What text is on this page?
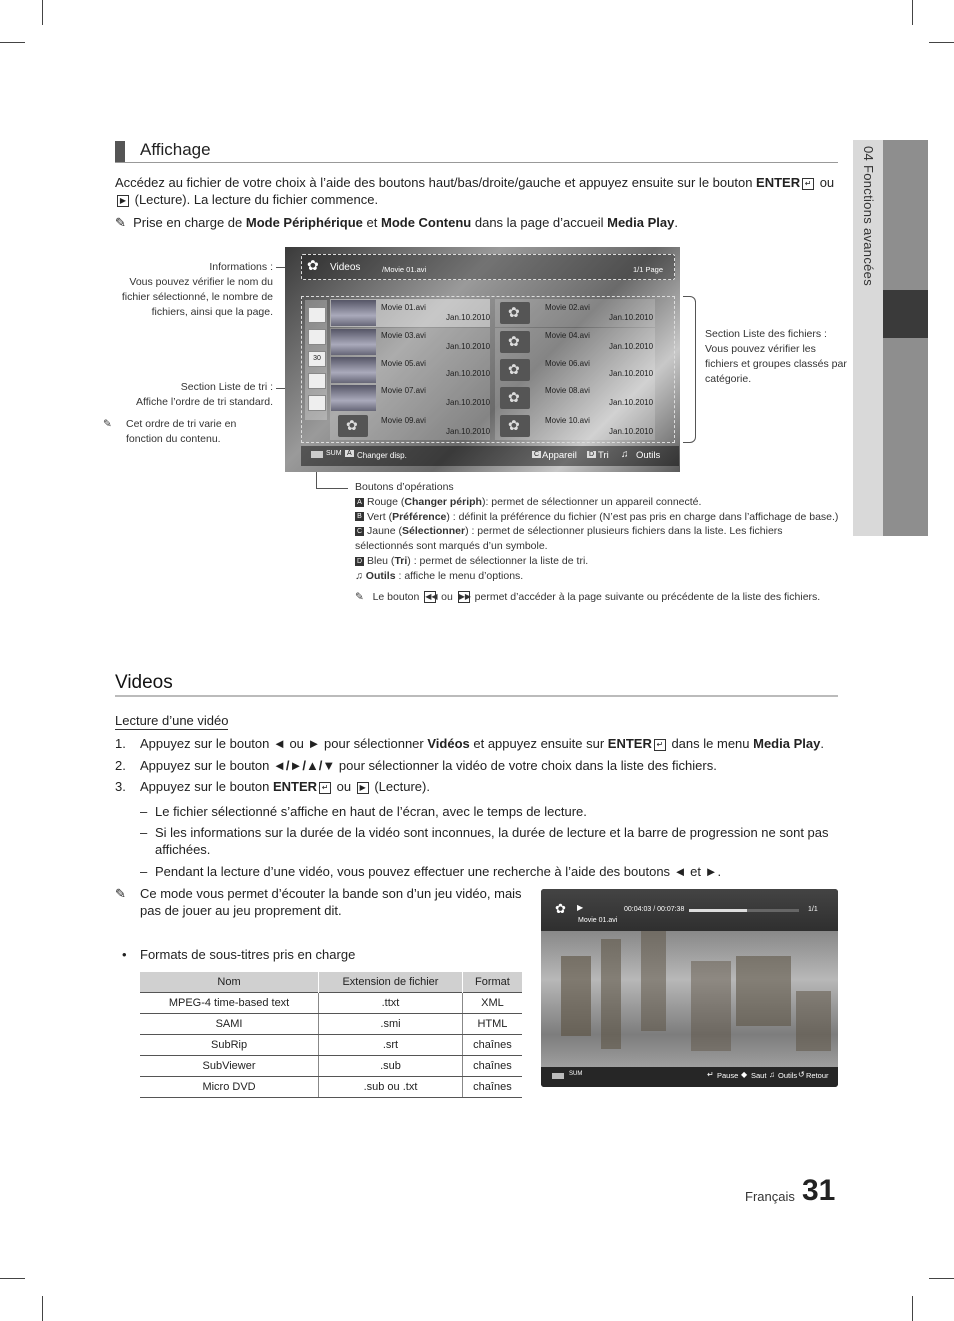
04 Fonctions avancées
Affichage
Accédez au fichier de votre choix à l’aide des boutons haut/bas/droite/gauche et appuyez ensuite sur le bouton ENTER ↵ ou
▶ (Lecture). La lecture du fichier commence.
✎ Prise en charge de Mode Périphérique et Mode Contenu dans la page d’accueil Media Play.
Informations :
Vous pouvez vérifier le nom du fichier sélectionné, le nombre de fichiers, ainsi que la page.
Section Liste de tri :
Affiche l’ordre de tri standard.
✎ Cet ordre de tri varie en fonction du contenu.
Section Liste des fichiers :
Vous pouvez vérifier les fichiers et groupes classés par catégorie.
✿ Videos	/Movie 01.avi	1/1 Page
30
Movie 01.avi
Jan.10.2010
Movie 03.avi
Jan.10.2010
Movie 05.avi
Jan.10.2010
Movie 07.avi
Jan.10.2010
✿
Movie 09.avi
Jan.10.2010
✿
Movie 02.avi
Jan.10.2010
✿
Movie 04.avi
Jan.10.2010
✿
Movie 06.avi
Jan.10.2010
✿
Movie 08.avi
Jan.10.2010
✿
Movie 10.avi
Jan.10.2010
SUM A Changer disp.	C Appareil D Tri ♫ Outils
Boutons d’opérations
A Rouge (Changer périph): permet de sélectionner un appareil connecté.
B Vert (Préférence) : définit la préférence du fichier (N’est pas pris en charge dans l’affichage de base.)
C Jaune (Sélectionner) : permet de sélectionner plusieurs fichiers dans la liste. Les fichiers
sélectionnés sont marqués d’un symbole.
D Bleu (Tri) : permet de sélectionner la liste de tri.
♫ Outils : affiche le menu d’options.
✎ Le bouton ◀◀ ou ▶▶ permet d’accéder à la page suivante ou précédente de la liste des fichiers.
Videos
Lecture d’une vidéo
1. Appuyez sur le bouton ◄ ou ► pour sélectionner Vidéos et appuyez ensuite sur ENTER ↵ dans le menu Media Play.
2. Appuyez sur le bouton ◄/►/▲/▼ pour sélectionner la vidéo de votre choix dans la liste des fichiers.
3. Appuyez sur le bouton ENTER ↵ ou ▶ (Lecture).
– Le fichier sélectionné s’affiche en haut de l’écran, avec le temps de lecture.
– Si les informations sur la durée de la vidéo sont inconnues, la durée de lecture et la barre de progression ne sont pas
affichées.
– Pendant la lecture d’une vidéo, vous pouvez effectuer une recherche à l’aide des boutons ◄ et ►.
✎ Ce mode vous permet d’écouter la bande son d’un jeu vidéo, mais
pas de jouer au jeu proprement dit.
• Formats de sous-titres pris en charge
Nom	Extension de fichier	Format
MPEG-4 time-based text	.ttxt	XML
SAMI	.smi	HTML
SubRip	.srt	chaînes
SubViewer	.sub	chaînes
Micro DVD	.sub ou .txt	chaînes
✿ ▶	00:04:03 / 00:07:38	1/1
Movie 01.avi
SUM	↵ Pause ◆ Saut ♫ Outils ↺ Retour
Français 31
